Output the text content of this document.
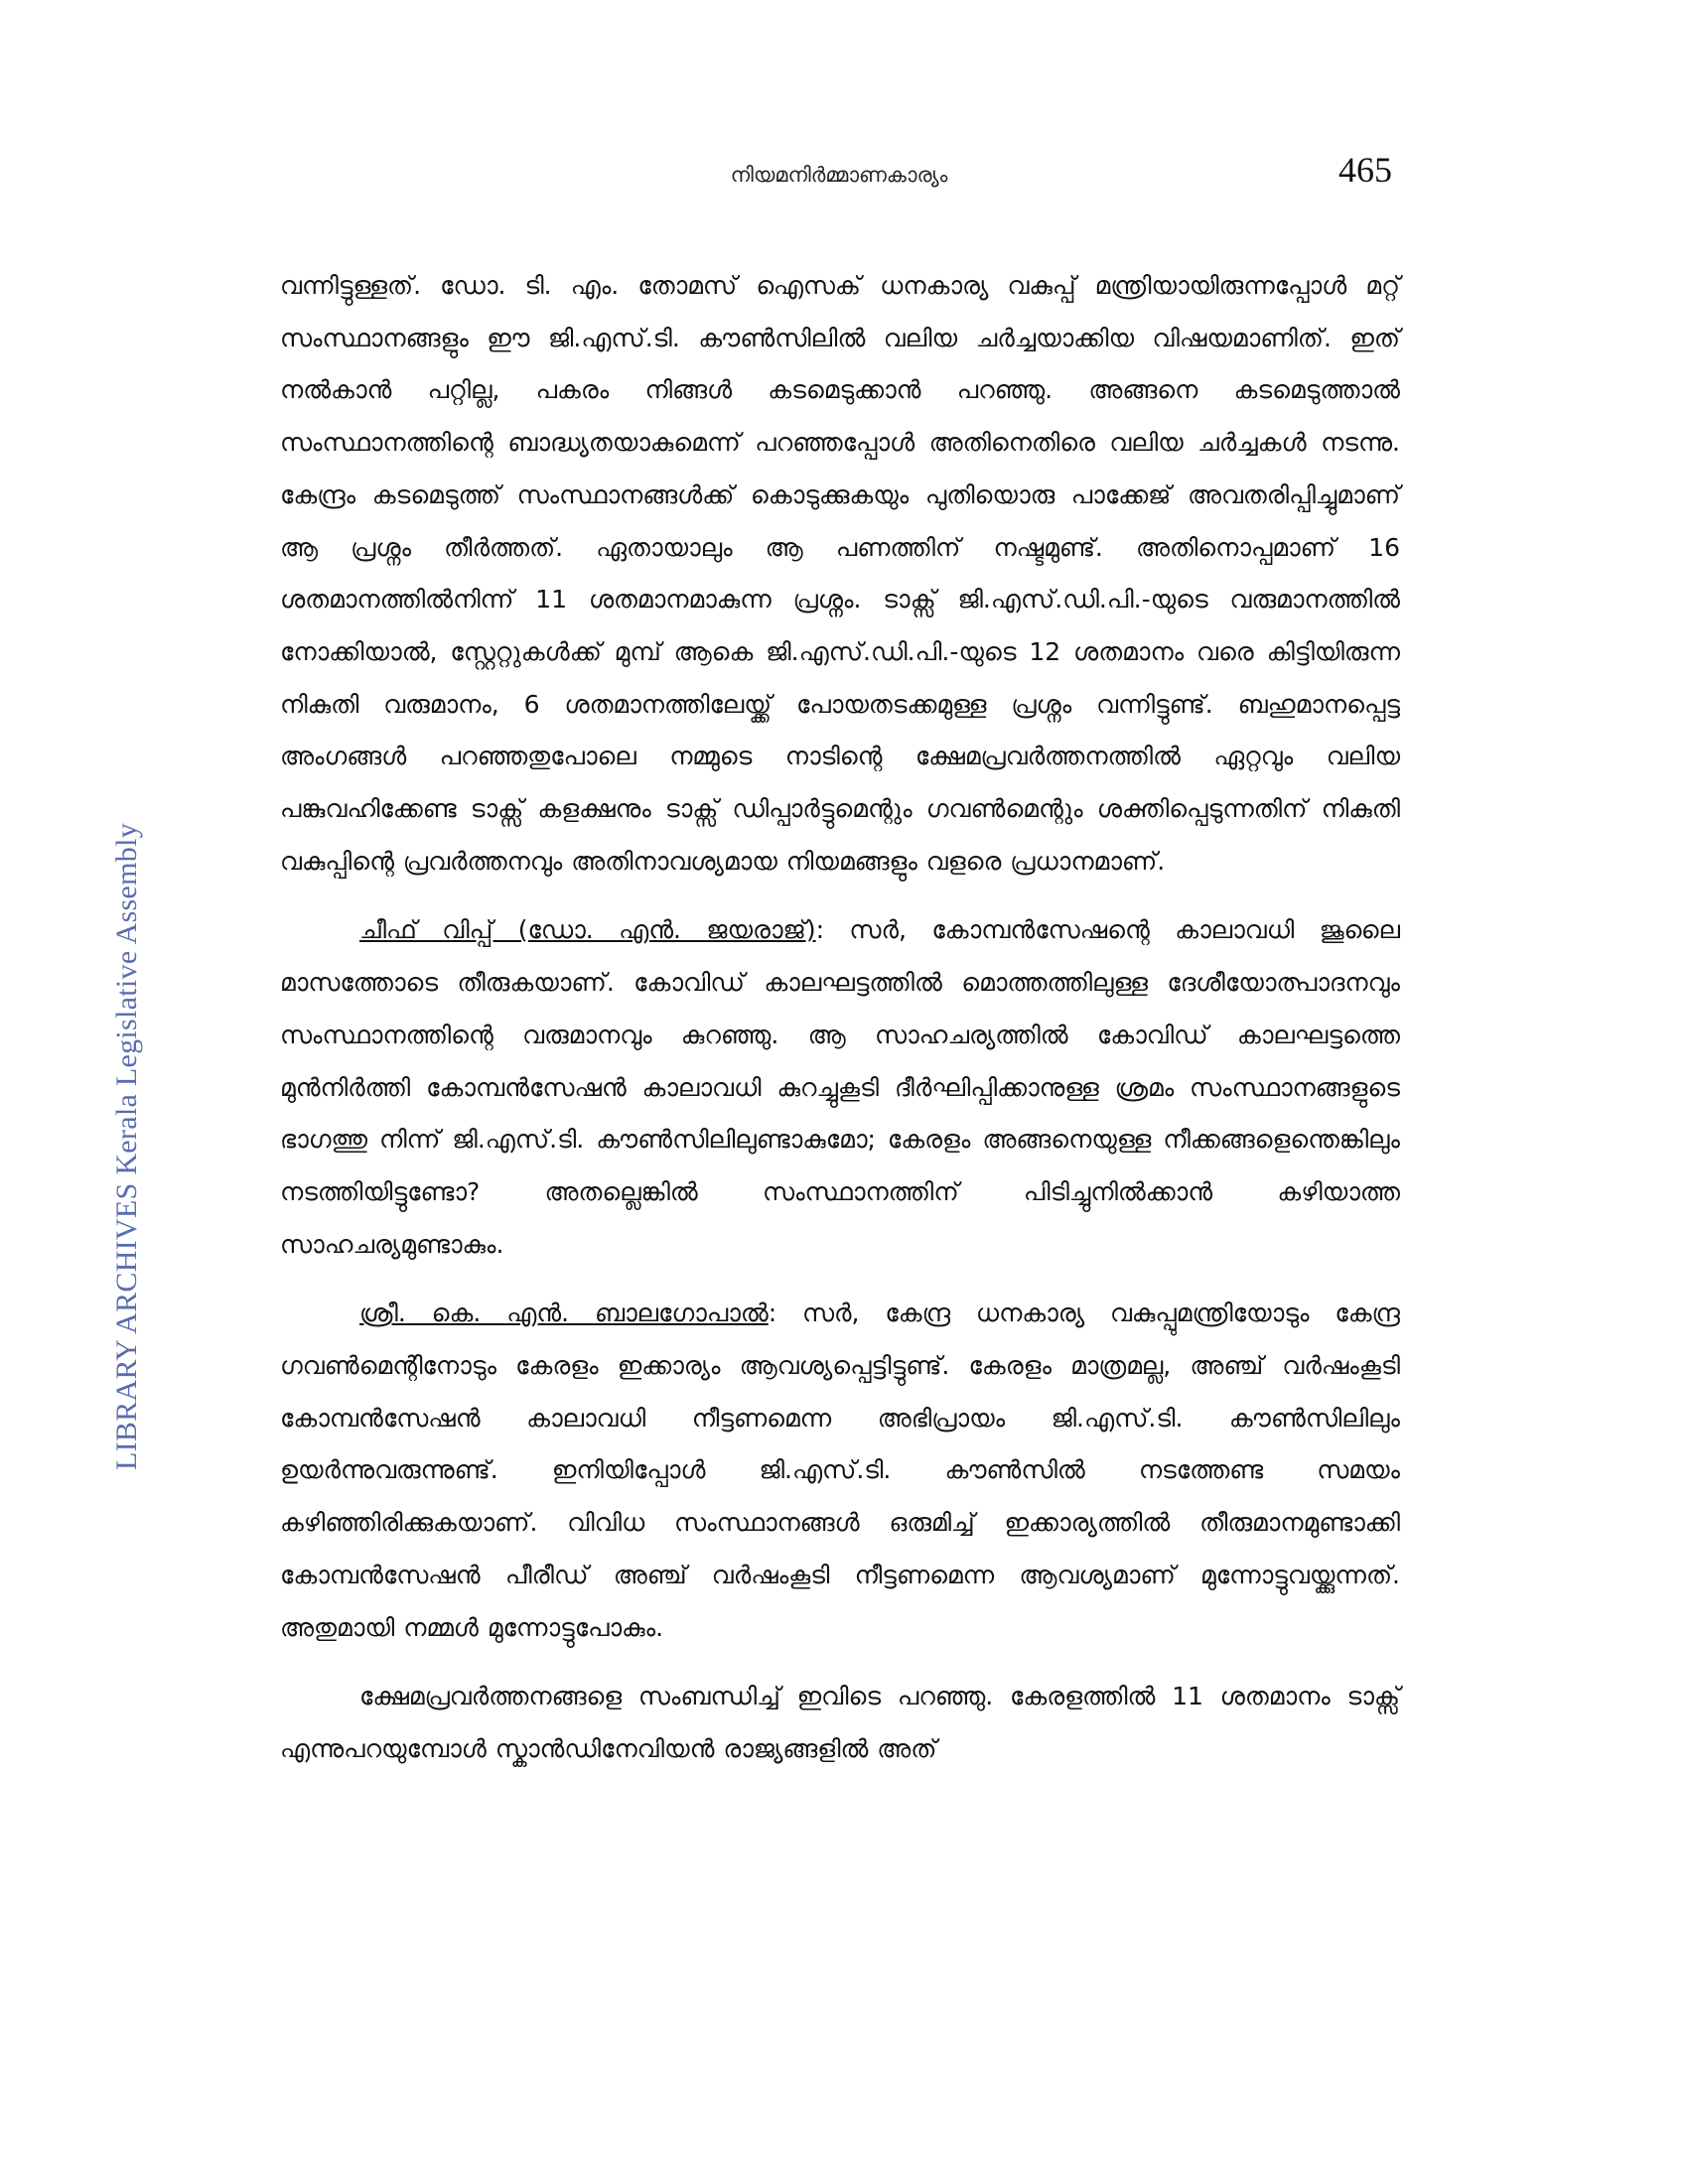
നിയമനിർമ്മാണകാര്യം	465
LIBRARY ARCHIVES Kerala Legislative Assembly

വന്നിട്ടുള്ളത്. ഡോ. ടി. എം. തോമസ് ഐസക് ധനകാര്യ വകുപ്പ് മന്ത്രിയായിരുന്നപ്പോൾ മറ്റ് സംസ്ഥാനങ്ങളും ഈ ജി.എസ്.ടി. കൗൺസിലിൽ വലിയ ചർച്ചയാക്കിയ വിഷയമാണിത്. ഇത് നൽകാൻ പറ്റില്ല, പകരം നിങ്ങൾ കടമെടുക്കാൻ പറഞ്ഞു. അങ്ങനെ കടമെടുത്താൽ സംസ്ഥാനത്തിന്റെ ബാദ്ധ്യതയാകുമെന്ന് പറഞ്ഞപ്പോൾ അതിനെതിരെ വലിയ ചർച്ചകൾ നടന്നു. കേന്ദ്രം കടമെടുത്ത് സംസ്ഥാനങ്ങൾക്ക് കൊടുക്കുകയും പുതിയൊരു പാക്കേജ് അവതരിപ്പിച്ചുമാണ് ആ പ്രശ്നം തീർത്തത്. ഏതായാലും ആ പണത്തിന് നഷ്ടമുണ്ട്. അതിനൊപ്പമാണ് 16 ശതമാനത്തിൽനിന്ന് 11 ശതമാനമാകുന്ന പ്രശ്നം. ടാക്സ് ജി.എസ്.ഡി.പി.-യുടെ വരുമാനത്തിൽ നോക്കിയാൽ, സ്റ്റേറ്റുകൾക്ക് മുമ്പ് ആകെ ജി.എസ്.ഡി.പി.-യുടെ 12 ശതമാനം വരെ കിട്ടിയിരുന്ന നികുതി വരുമാനം, 6 ശതമാനത്തിലേയ്ക്ക് പോയതടക്കമുള്ള പ്രശ്നം വന്നിട്ടുണ്ട്. ബഹുമാനപ്പെട്ട അംഗങ്ങൾ പറഞ്ഞതുപോലെ നമ്മുടെ നാടിന്റെ ക്ഷേമപ്രവർത്തനത്തിൽ ഏറ്റവും വലിയ പങ്കുവഹിക്കേണ്ട ടാക്സ് കളക്ഷനും ടാക്സ് ഡിപ്പാർട്ടുമെന്റും ഗവൺമെന്റും ശക്തിപ്പെടുന്നതിന് നികുതി വകുപ്പിന്റെ പ്രവർത്തനവും അതിനാവശ്യമായ നിയമങ്ങളും വളരെ പ്രധാനമാണ്.

ചീഫ് വിപ്പ് (ഡോ. എൻ. ജയരാജ്): സർ, കോമ്പൻസേഷന്റെ കാലാവധി ജൂലൈ മാസത്തോടെ തീരുകയാണ്. കോവിഡ് കാലഘട്ടത്തിൽ മൊത്തത്തിലുള്ള ദേശീയോത്പാദനവും സംസ്ഥാനത്തിന്റെ വരുമാനവും കുറഞ്ഞു. ആ സാഹചര്യത്തിൽ കോവിഡ് കാലഘട്ടത്തെ മുൻനിർത്തി കോമ്പൻസേഷൻ കാലാവധി കുറച്ചുകൂടി ദീർഘിപ്പിക്കാനുള്ള ശ്രമം സംസ്ഥാനങ്ങളുടെ ഭാഗത്തു നിന്ന് ജി.എസ്.ടി. കൗൺസിലിലുണ്ടാകുമോ; കേരളം അങ്ങനെയുള്ള നീക്കങ്ങളെന്തെങ്കിലും നടത്തിയിട്ടുണ്ടോ? അതല്ലെങ്കിൽ സംസ്ഥാനത്തിന് പിടിച്ചുനിൽക്കാൻ കഴിയാത്ത സാഹചര്യമുണ്ടാകും.

ശ്രീ. കെ. എൻ. ബാലഗോപാൽ: സർ, കേന്ദ്ര ധനകാര്യ വകുപ്പുമന്ത്രിയോടും കേന്ദ്ര ഗവൺമെന്റിനോടും കേരളം ഇക്കാര്യം ആവശ്യപ്പെട്ടിട്ടുണ്ട്. കേരളം മാത്രമല്ല, അഞ്ച് വർഷംകൂടി കോമ്പൻസേഷൻ കാലാവധി നീട്ടണമെന്ന അഭിപ്രായം ജി.എസ്.ടി. കൗൺസിലിലും ഉയർന്നുവരുന്നുണ്ട്. ഇനിയിപ്പോൾ ജി.എസ്.ടി. കൗൺസിൽ നടത്തേണ്ട സമയം കഴിഞ്ഞിരിക്കുകയാണ്. വിവിധ സംസ്ഥാനങ്ങൾ ഒരുമിച്ച് ഇക്കാര്യത്തിൽ തീരുമാനമുണ്ടാക്കി കോമ്പൻസേഷൻ പീരീഡ് അഞ്ച് വർഷംകൂടി നീട്ടണമെന്ന ആവശ്യമാണ് മുന്നോട്ടുവയ്ക്കുന്നത്. അതുമായി നമ്മൾ മുന്നോട്ടുപോകും.

ക്ഷേമപ്രവർത്തനങ്ങളെ സംബന്ധിച്ച് ഇവിടെ പറഞ്ഞു. കേരളത്തിൽ 11 ശതമാനം ടാക്സ് എന്നുപറയുമ്പോൾ സ്കാൻഡിനേവിയൻ രാജ്യങ്ങളിൽ അത്
